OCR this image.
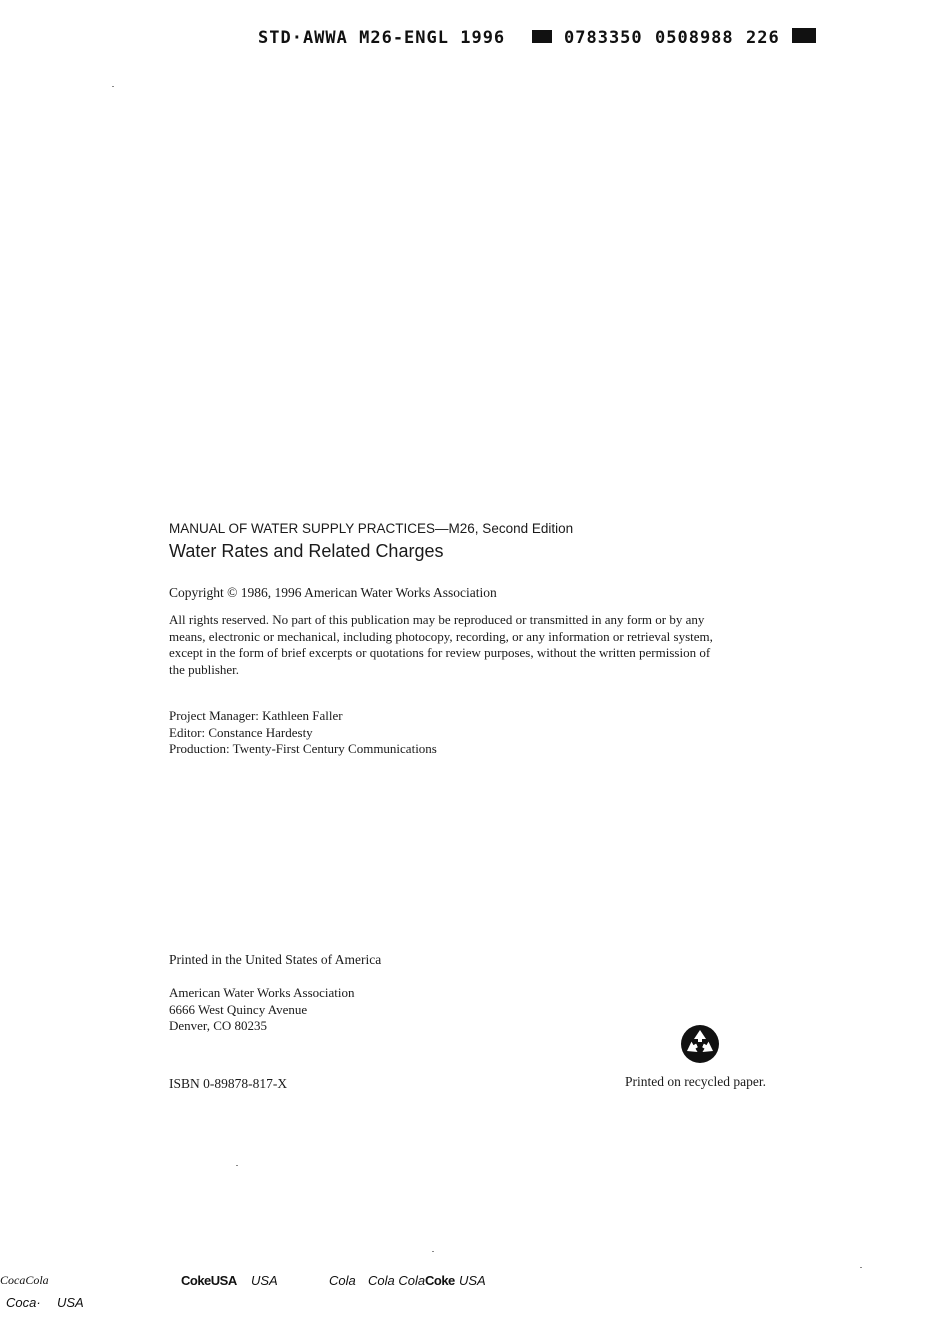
STD·AWWA M26-ENGL 1996	0783350 0508988 226
MANUAL OF WATER SUPPLY PRACTICES—M26, Second Edition
Water Rates and Related Charges
Copyright © 1986, 1996 American Water Works Association
All rights reserved. No part of this publication may be reproduced or transmitted in any form or by any
means, electronic or mechanical, including photocopy, recording, or any information or retrieval system,
except in the form of brief excerpts or quotations for review purposes, without the written permission of
the publisher.
Project Manager: Kathleen Faller
Editor: Constance Hardesty
Production: Twenty-First Century Communications
Printed in the United States of America
American Water Works Association
6666 West Quincy Avenue
Denver, CO 80235
ISBN 0-89878-817-X	Printed on recycled paper.
CocaCola	CokeUSA USA	Cola Cola Cola Coke USA
Coca· USA
